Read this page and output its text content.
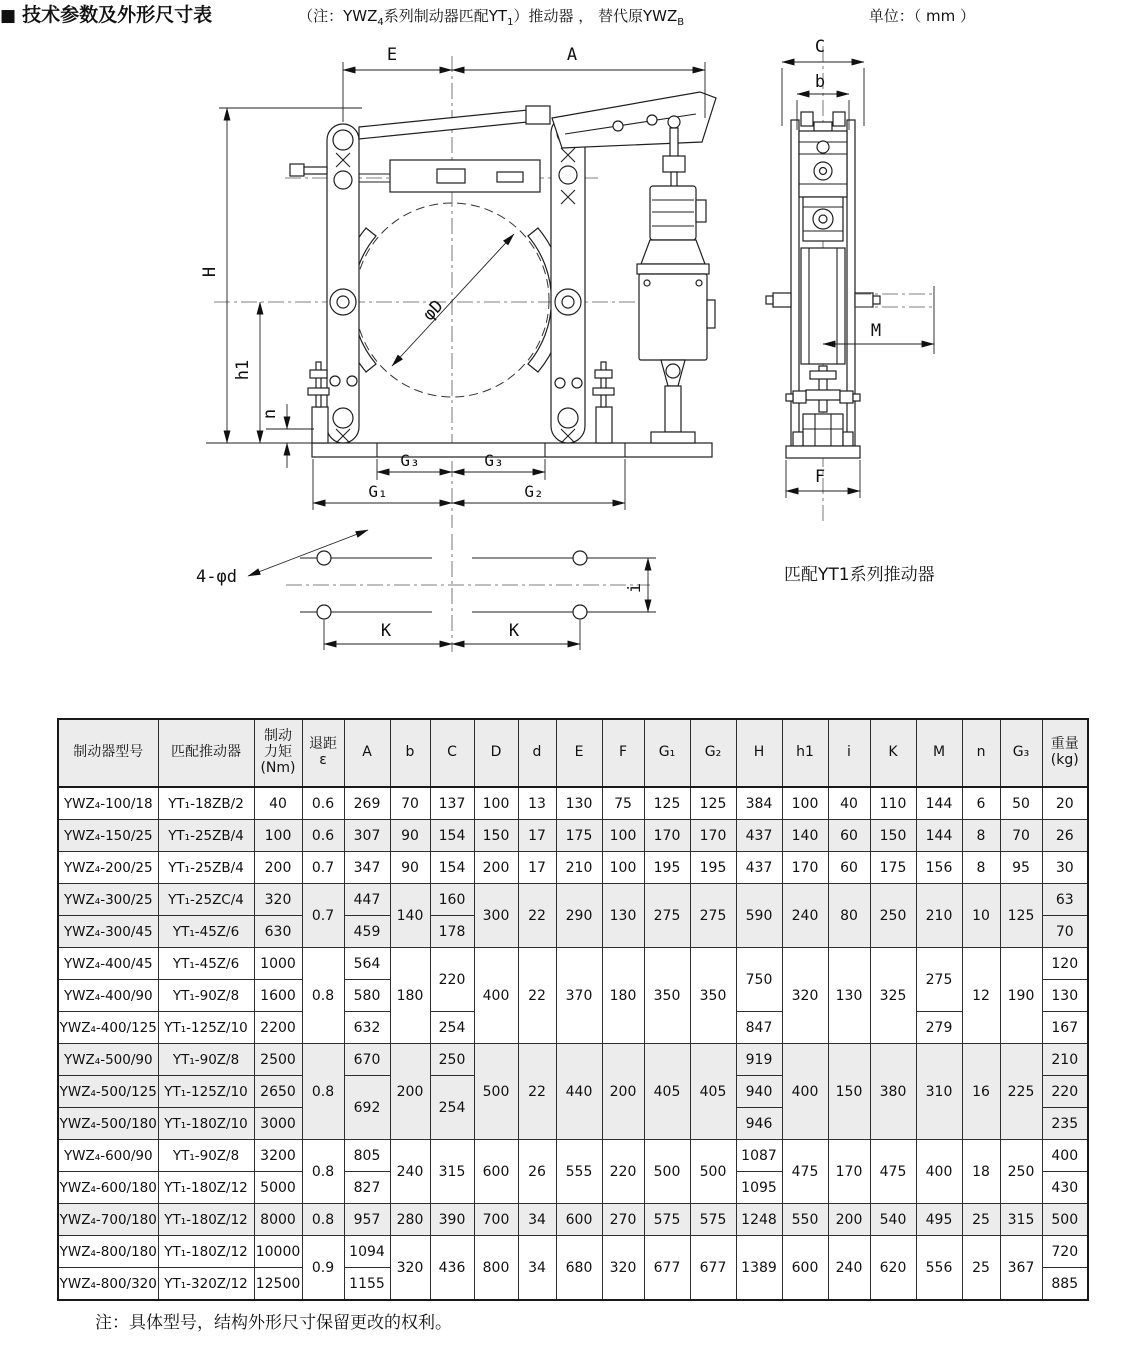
φD
E	A
H
h1
n
G₃	G₃
G₁	G₂
C
b
M
F
4-φd
K	K
i
匹配YT1系列推动器
■ 技术参数及外形尺寸表	（注：$YWZ_4$系列制动器匹配$YT_1$）推动器 ， 替代原$YWZ_B$	单位：（ mm ）
制动器型号	匹配推动器	制动
力矩
(Nm)	退距
ε	A	b	C	D	d	E	F	G₁	G₂	H	h1	i	K	M	n	G₃	重量
(kg)
YWZ₄-100/18	YT₁-18ZB/2	40	0.6	269	70	137	100	13	130	75	125	125	384	100	40	110	144	6	50	20
YWZ₄-150/25	YT₁-25ZB/4	100	0.6	307	90	154	150	17	175	100	170	170	437	140	60	150	144	8	70	26
YWZ₄-200/25	YT₁-25ZB/4	200	0.7	347	90	154	200	17	210	100	195	195	437	170	60	175	156	8	95	30
YWZ₄-300/25	YT₁-25ZC/4	320	0.7	447	140	160	300	22	290	130	275	275	590	240	80	250	210	10	125	63
YWZ₄-300/45	YT₁-45Z/6	630		459		178														70
YWZ₄-400/45	YT₁-45Z/6	1000	0.8	564	180	220	400	22	370	180	350	350	750	320	130	325	275	12	190	120
YWZ₄-400/90	YT₁-90Z/8	1600		580																130
YWZ₄-400/125	YT₁-125Z/10	2200		632		254							847				279			167
YWZ₄-500/90	YT₁-90Z/8	2500	0.8	670	200	250	500	22	440	200	405	405	919	400	150	380	310	16	225	210
YWZ₄-500/125	YT₁-125Z/10	2650		692		254							940							220
YWZ₄-500/180	YT₁-180Z/10	3000											946							235
YWZ₄-600/90	YT₁-90Z/8	3200	0.8	805	240	315	600	26	555	220	500	500	1087	475	170	475	400	18	250	400
YWZ₄-600/180	YT₁-180Z/12	5000		827									1095							430
YWZ₄-700/180	YT₁-180Z/12	8000	0.8	957	280	390	700	34	600	270	575	575	1248	550	200	540	495	25	315	500
YWZ₄-800/180	YT₁-180Z/12	10000	0.9	1094	320	436	800	34	680	320	677	677	1389	600	240	620	556	25	367	720
YWZ₄-800/320	YT₁-320Z/12	12500		1155																885
注：具体型号，结构外形尺寸保留更改的权利。
